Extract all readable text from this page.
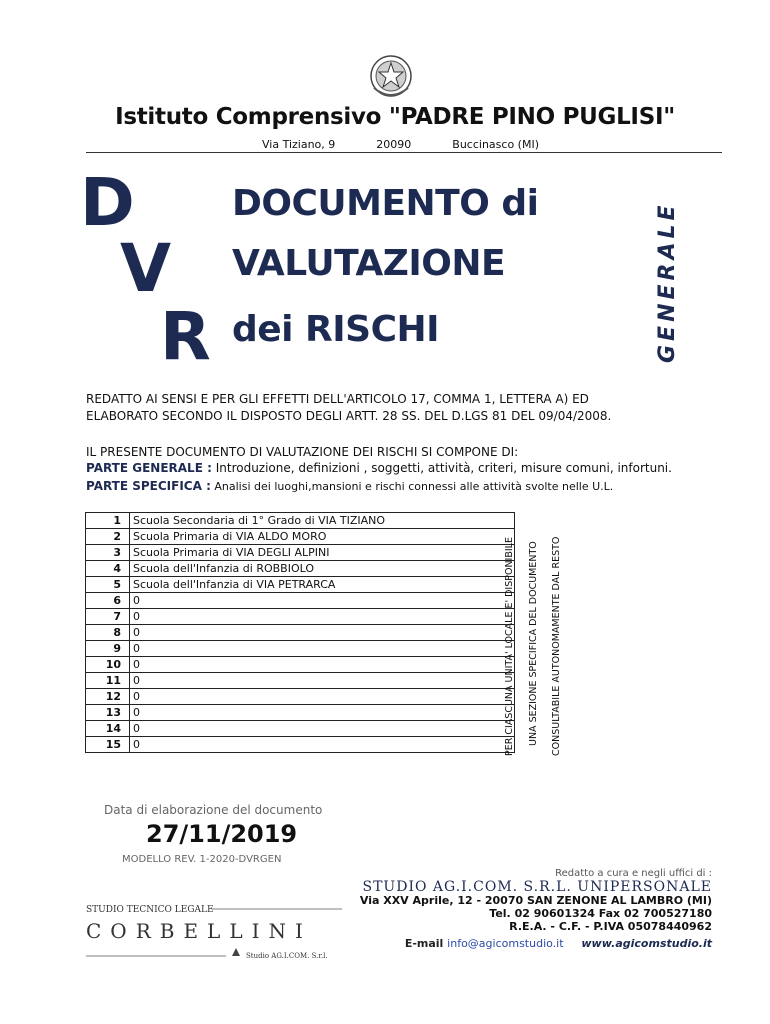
Istituto Comprensivo "PADRE PINO PUGLISI"
Via Tiziano, 9	20090	Buccinasco (MI)
D
V
R
DOCUMENTO di
VALUTAZIONE
dei RISCHI	GENERALE
REDATTO AI SENSI E PER GLI EFFETTI DELL'ARTICOLO 17, COMMA 1, LETTERA A) ED
ELABORATO SECONDO IL DISPOSTO DEGLI ARTT. 28 SS. DEL D.LGS 81 DEL 09/04/2008.
IL PRESENTE DOCUMENTO DI VALUTAZIONE DEI RISCHI SI COMPONE DI:
PARTE GENERALE : Introduzione, definizioni , soggetti, attività, criteri, misure comuni, infortuni.
PARTE SPECIFICA : Analisi dei luoghi,mansioni e rischi connessi alle attività svolte nelle U.L.
1	Scuola Secondaria di 1° Grado di VIA TIZIANO
2	Scuola Primaria di VIA ALDO MORO
3	Scuola Primaria di VIA DEGLI ALPINI
4	Scuola dell'Infanzia di ROBBIOLO
5	Scuola dell'Infanzia di VIA PETRARCA
6	0
7	0
8	0
9	0
10	0
11	0
12	0
13	0
14	0
15	0	PER CIASCUNA UNITA' LOCALE E' DISPONIBILE UNA SEZIONE SPECIFICA DEL DOCUMENTO CONSULTABILE AUTONOMAMENTE DAL RESTO
Data di elaborazione del documento
27/11/2019
MODELLO REV. 1-2020-DVRGEN
Redatto a cura e negli uffici di :
STUDIO AG.I.COM. S.R.L. UNIPERSONALE
Via XXV Aprile, 12 - 20070 SAN ZENONE AL LAMBRO (MI)
Tel. 02 90601324 Fax 02 700527180
R.E.A. - C.F. - P.IVA 05078440962
E-mail info@agicomstudio.it www.agicomstudio.it
STUDIO TECNICO LEGALE
CORBELLINI
Studio AG.I.COM. S.r.l.
